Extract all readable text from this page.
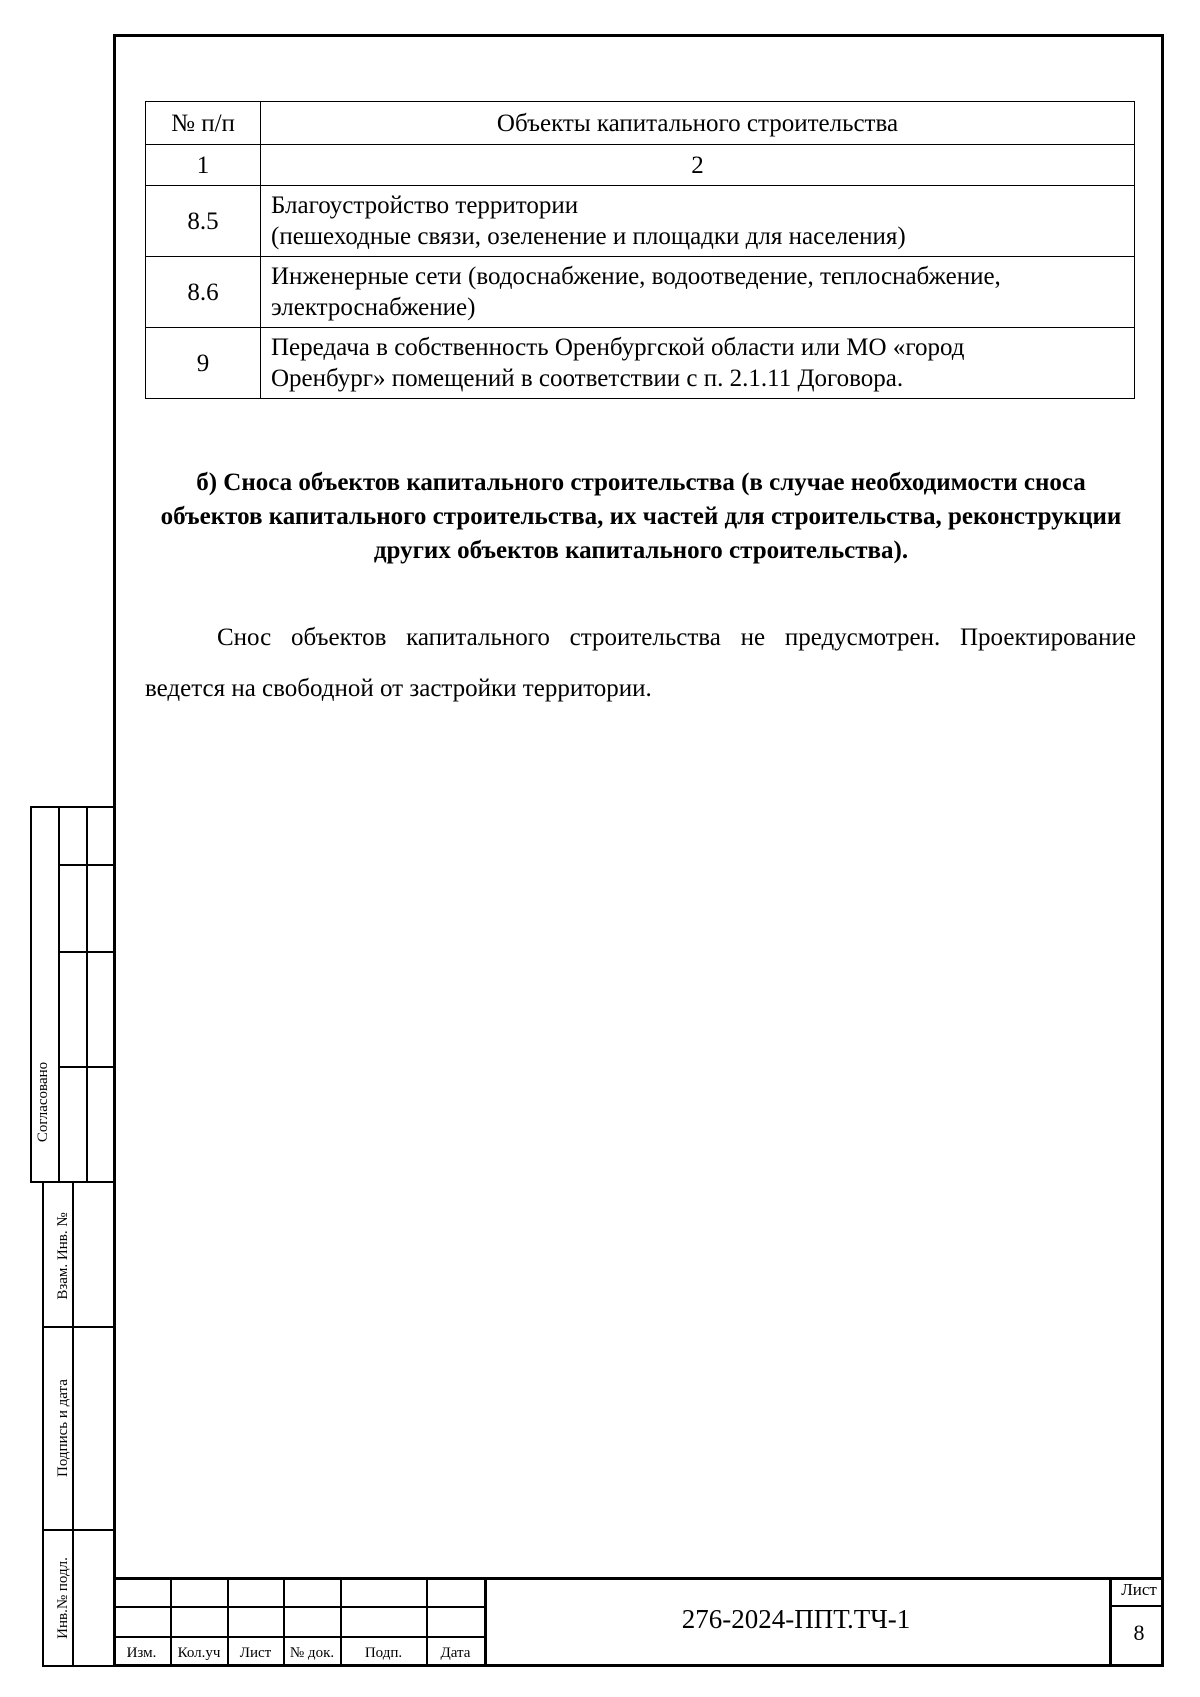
№ п/п	Объекты капитального строительства
1	2
8.5	Благоустройство территории
(пешеходные связи, озеленение и площадки для населения)

8.6	Инженерные сети (водоснабжение, водоотведение, теплоснабжение,
электроснабжение)

9	Передача в собственность Оренбургской области или МО «город
Оренбург» помещений в соответствии с п. 2.1.11 Договора.
б) Сноса объектов капитального строительства (в случае необходимости сноса объектов капитального строительства, их частей для строительства, реконструкции других объектов капитального строительства).
Снос объектов капитального строительства не предусмотрен. Проектирование ведется на свободной от застройки территории.
Согласовано
Взам. Инв. №
Подпись и дата
Инв.№ подл.
Изм.	Кол.уч	Лист	№ док.	Подп.	Дата
276-2024-ППТ.ТЧ-1
Лист
8
